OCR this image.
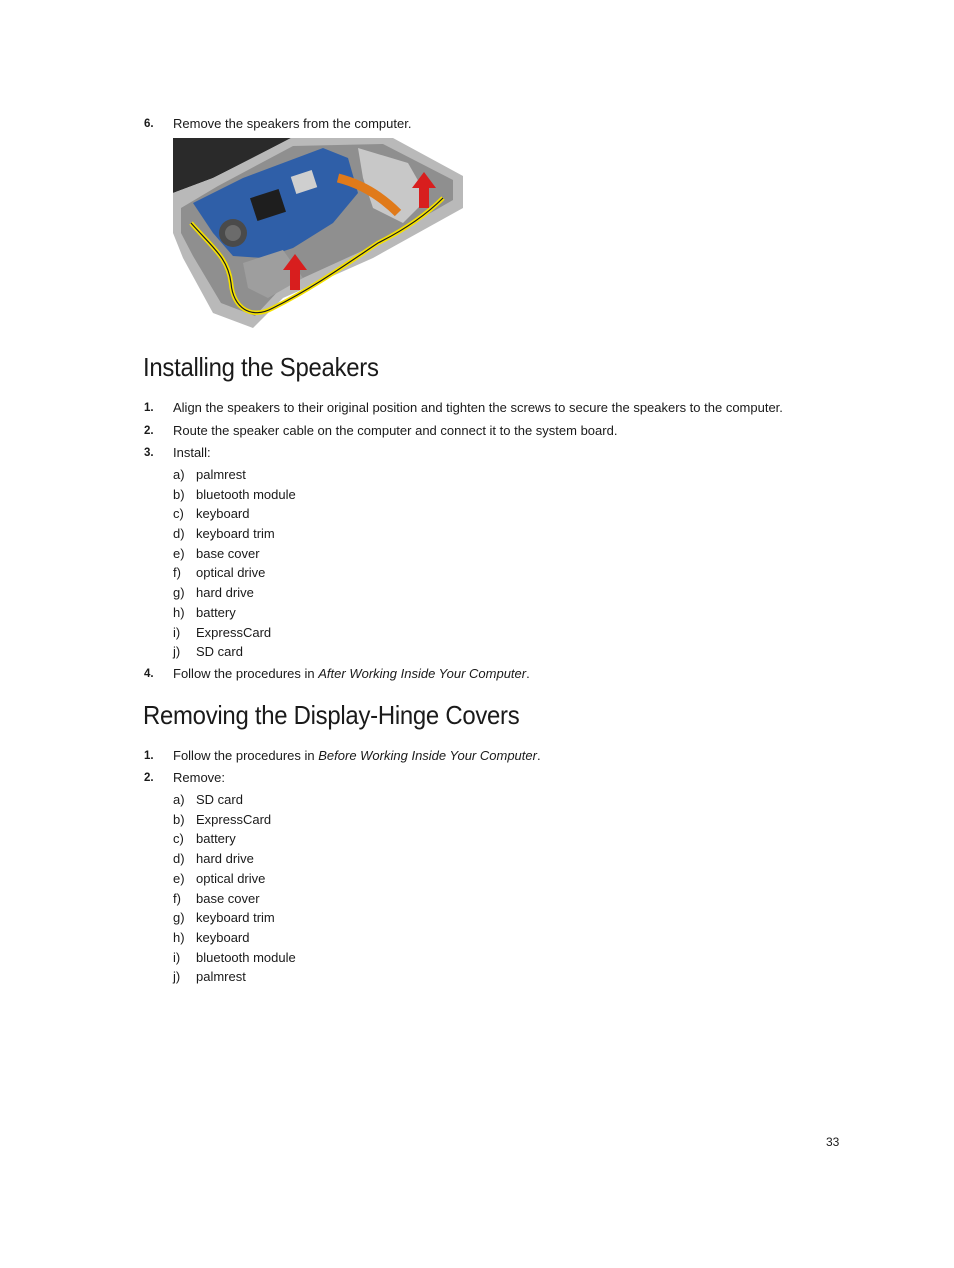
6. Remove the speakers from the computer.
Installing the Speakers
1. Align the speakers to their original position and tighten the screws to secure the speakers to the computer.
2. Route the speaker cable on the computer and connect it to the system board.
3. Install:
a) palmrest
b) bluetooth module
c) keyboard
d) keyboard trim
e) base cover
f) optical drive
g) hard drive
h) battery
i) ExpressCard
j) SD card
4. Follow the procedures in After Working Inside Your Computer.
Removing the Display-Hinge Covers
1. Follow the procedures in Before Working Inside Your Computer.
2. Remove:
a) SD card
b) ExpressCard
c) battery
d) hard drive
e) optical drive
f) base cover
g) keyboard trim
h) keyboard
i) bluetooth module
j) palmrest
33
